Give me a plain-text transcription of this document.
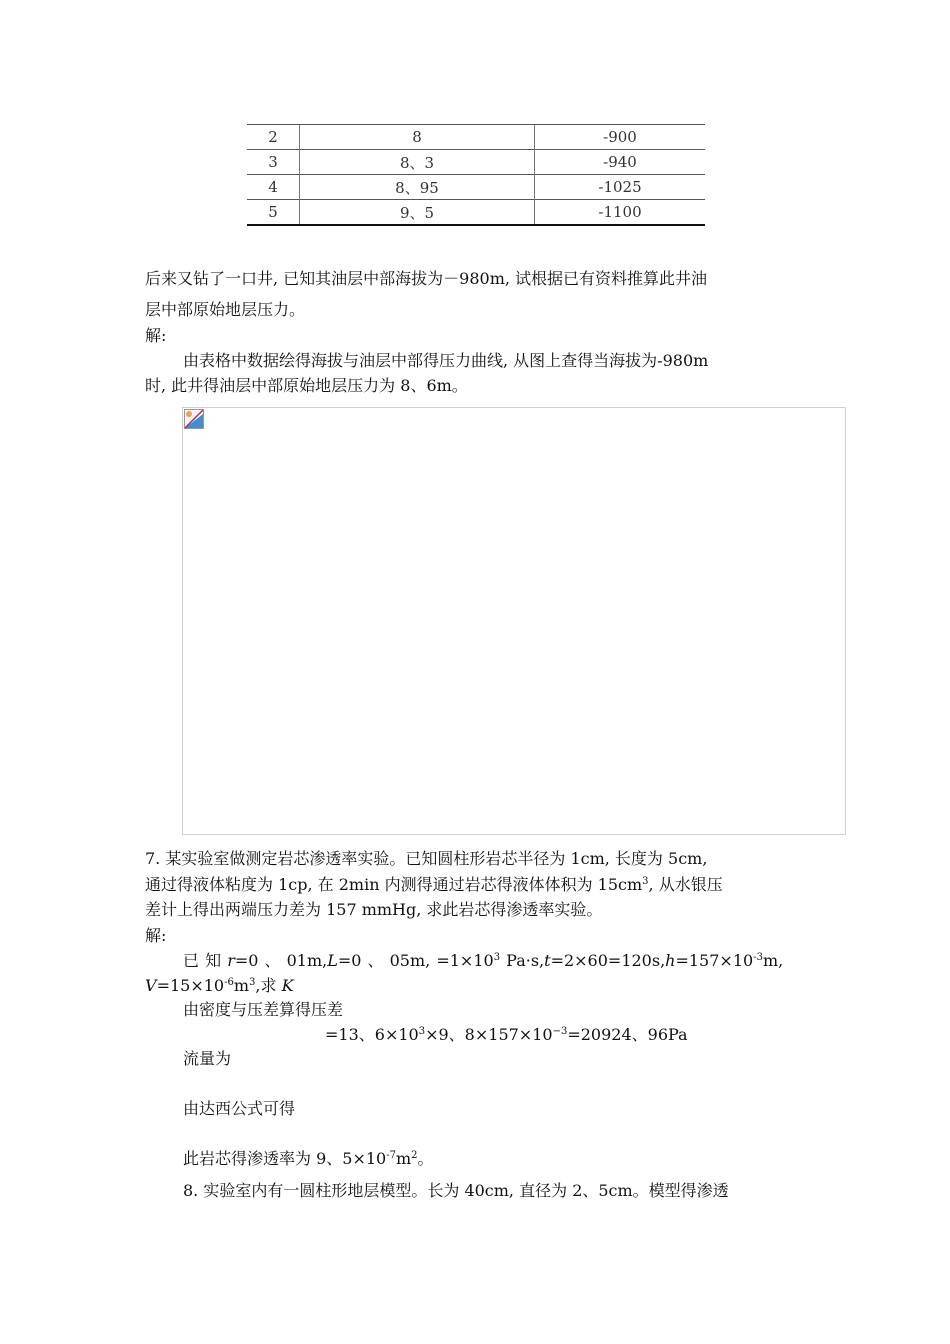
2	8	-900
3	8、3	-940
4	8、95	-1025
5	9、5	-1100
后来又钻了一口井, 已知其油层中部海拔为－980m, 试根据已有资料推算此井油
层中部原始地层压力。
解:
由表格中数据绘得海拔与油层中部得压力曲线, 从图上查得当海拔为-980m
时, 此井得油层中部原始地层压力为 8、6m。
7. 某实验室做测定岩芯渗透率实验。已知圆柱形岩芯半径为 1cm, 长度为 5cm,
通过得液体粘度为 1cp, 在 2min 内测得通过岩芯得液体体积为 $15cm^3$, 从水银压
差计上得出两端压力差为 157 mmHg, 求此岩芯得渗透率实验。
解:
已 知 r=0 、 01m,L=0 、 05m, $=1\times 10^3$ $Pa\cdot s,t=2\times 60=120s,h=157\times 10^{-3}m$,
$V=15\times 10^{-6}m^3$,求 K
由密度与压差算得压差
=13、$6\times 10^3\times 9$、$8\times 157\times 10^{-3}=20924$、96Pa
流量为
由达西公式可得
此岩芯得渗透率为 9、$5\times 10^{-7}m^2$。
8. 实验室内有一圆柱形地层模型。长为 40cm, 直径为 2、5cm。模型得渗透
